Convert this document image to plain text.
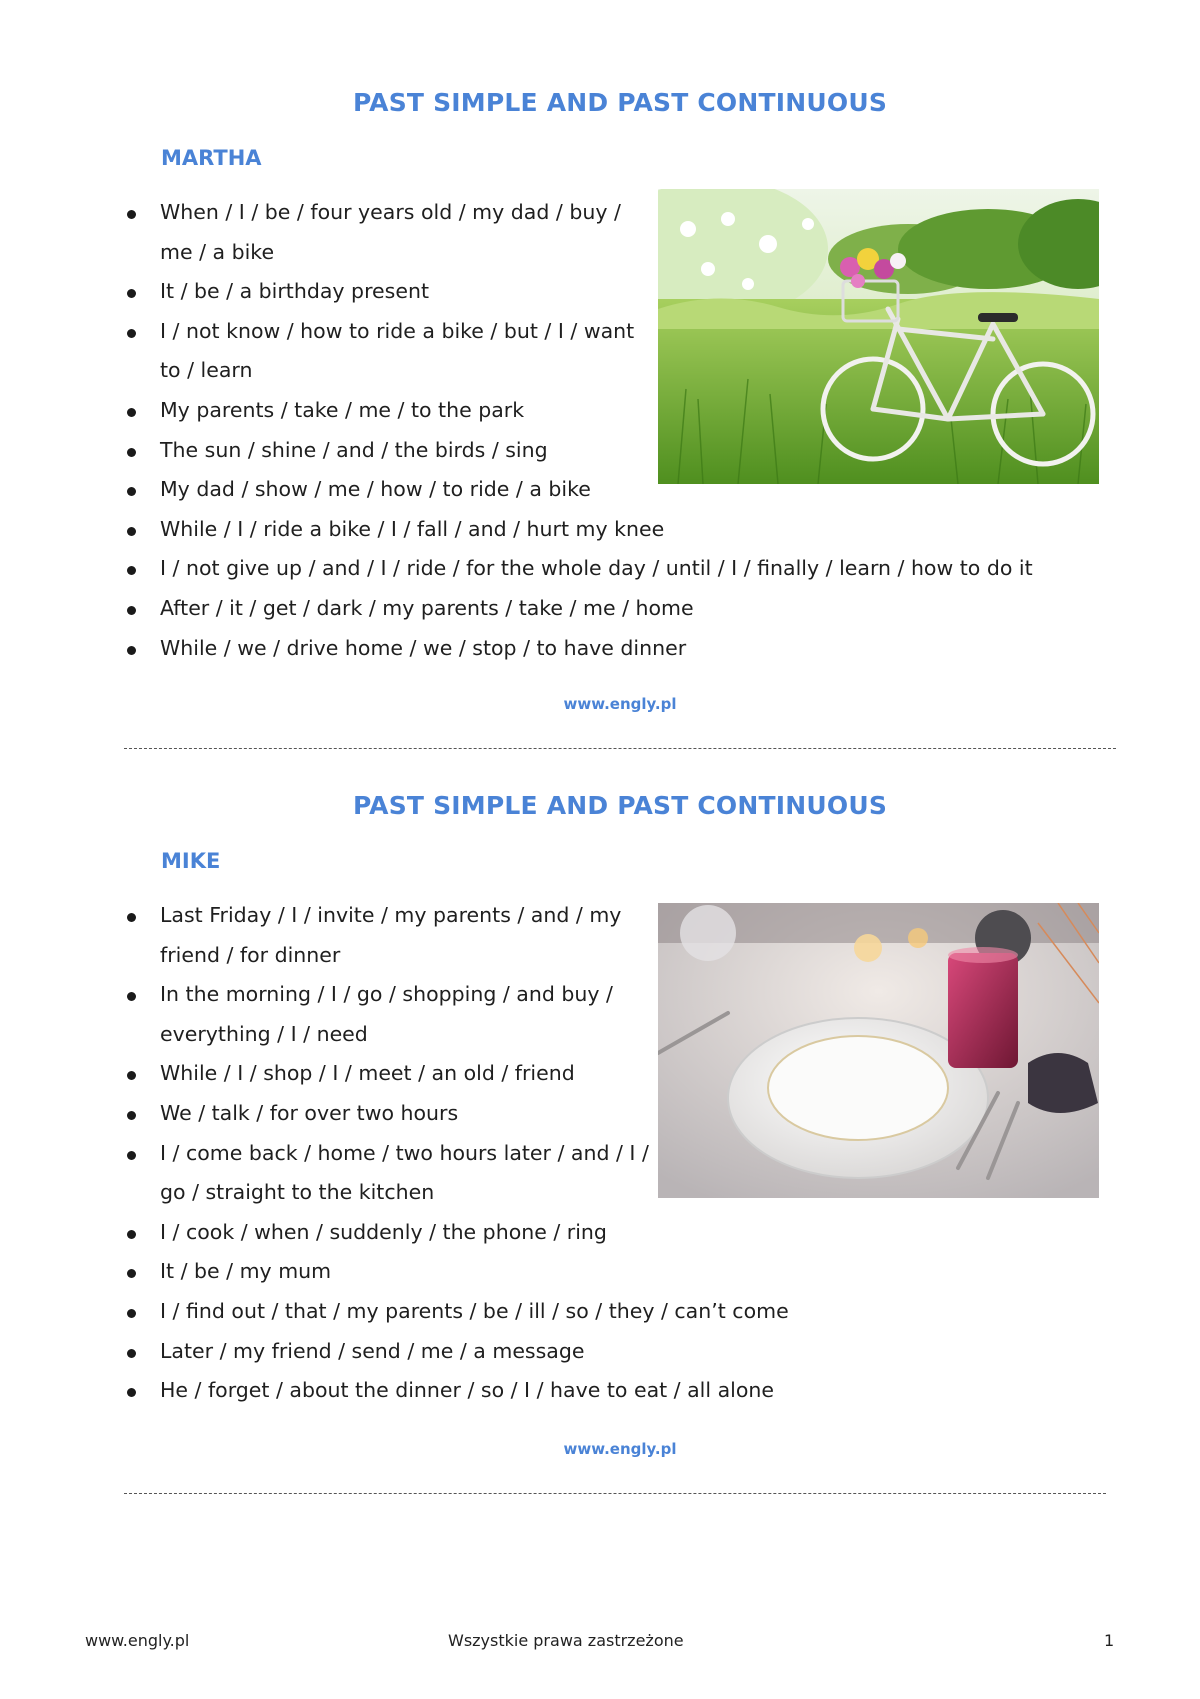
PAST SIMPLE AND PAST CONTINUOUS
MARTHA
When / I / be / four years old / my dad / buy / me / a bike
It / be / a birthday present
I / not know / how to ride a bike / but / I / want to / learn
My parents / take / me / to the park
The sun / shine / and / the birds / sing
My dad / show / me / how / to ride / a bike
While / I / ride a bike / I / fall / and / hurt my knee
I / not give up / and / I / ride / for the whole day / until / I / finally / learn / how to do it
After / it / get / dark / my parents / take / me / home
While / we / drive home / we / stop / to have dinner
www.engly.pl
PAST SIMPLE AND PAST CONTINUOUS
MIKE
Last Friday / I / invite / my parents / and / my friend / for dinner
In the morning / I / go / shopping / and buy / everything / I / need
While / I / shop / I / meet / an old / friend
We / talk / for over two hours
I / come back / home / two hours later / and / I / go / straight to the kitchen
I / cook / when / suddenly / the phone / ring
It / be / my mum
I / find out / that / my parents / be / ill / so / they / can’t come
Later / my friend / send / me / a message
He / forget / about the dinner / so / I / have to eat / all alone
www.engly.pl
www.engly.pl	Wszystkie prawa zastrzeżone	1
